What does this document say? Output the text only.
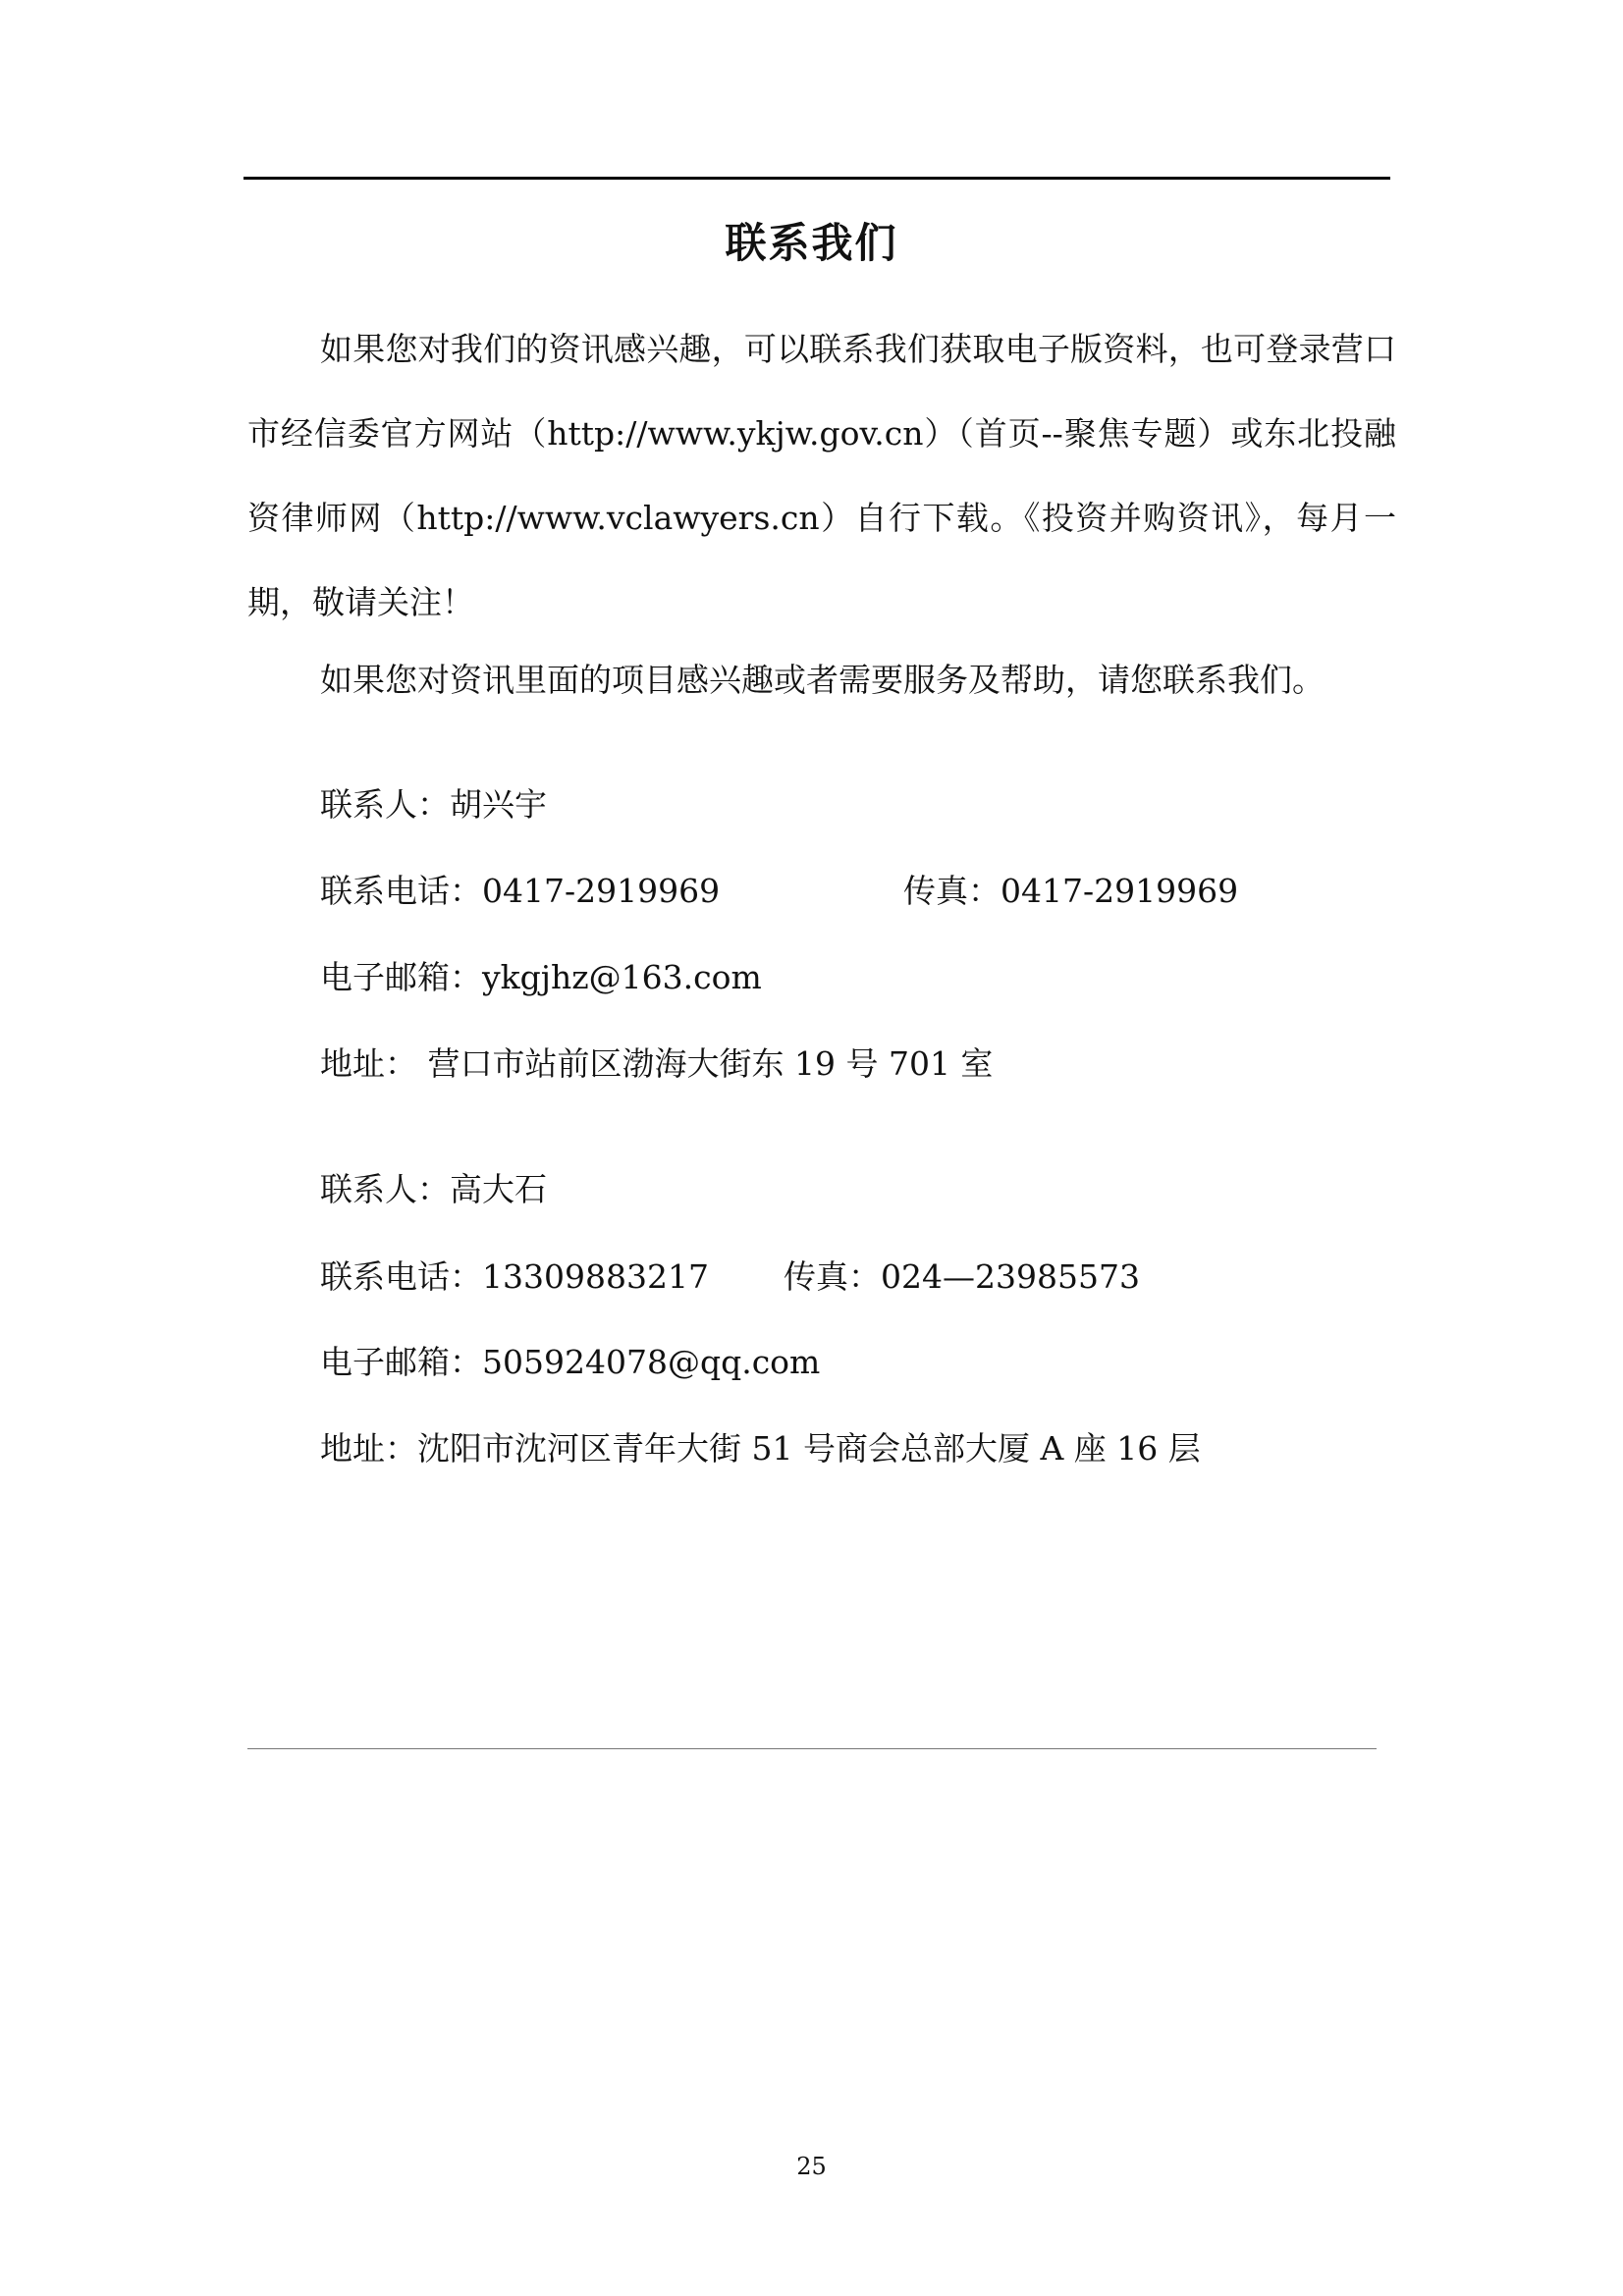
联系我们

如果您对我们的资讯感兴趣，可以联系我们获取电子版资料，也可登录营口市经信委官方网站（http://www.ykjw.gov.cn）（首页--聚焦专题）或东北投融资律师网（http://www.vclawyers.cn）自行下载。《投资并购资讯》，每月一期，敬请关注！

如果您对资讯里面的项目感兴趣或者需要服务及帮助，请您联系我们。

联系人：胡兴宇
联系电话：0417-2919969	传真：0417-2919969
电子邮箱：ykgjhz@163.com
地址： 营口市站前区渤海大街东 19 号 701 室
联系人：高大石
联系电话：13309883217 传真：024—23985573
电子邮箱：505924078@qq.com
地址：沈阳市沈河区青年大街 51 号商会总部大厦 A 座 16 层
25
